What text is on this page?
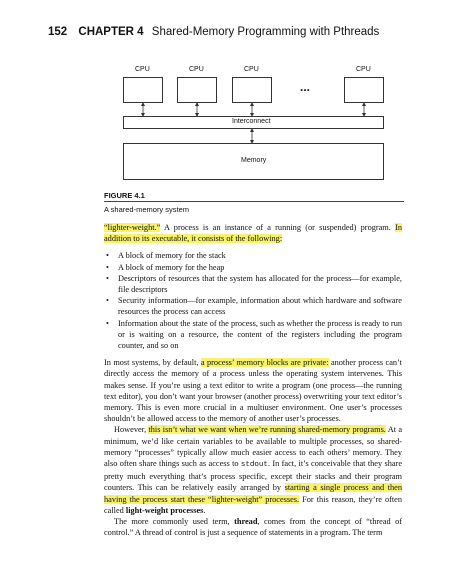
152 CHAPTER 4 Shared-Memory Programming with Pthreads
CPU	CPU	CPU	CPU
...
Interconnect
Memory
FIGURE 4.1
A shared-memory system

“lighter-weight.” A process is an instance of a running (or suspended) program. In addition to its executable, it consists of the following:

• A block of memory for the stack
• A block of memory for the heap
• Descriptors of resources that the system has allocated for the process—for example, file descriptors
• Security information—for example, information about which hardware and software resources the process can access
• Information about the state of the process, such as whether the process is ready to run or is waiting on a resource, the content of the registers including the program counter, and so on

In most systems, by default, a process’ memory blocks are private: another process can’t directly access the memory of a process unless the operating system intervenes. This makes sense. If you’re using a text editor to write a program (one process—the running text editor), you don’t want your browser (another process) overwriting your text editor’s memory. This is even more crucial in a multiuser environment. One user’s processes shouldn’t be allowed access to the memory of another user’s processes.

However, this isn’t what we want when we’re running shared-memory programs. At a minimum, we’d like certain variables to be available to multiple processes, so shared-memory “processes” typically allow much easier access to each others’ memory. They also often share things such as access to stdout. In fact, it’s conceivable that they share pretty much everything that’s process specific, except their stacks and their program counters. This can be relatively easily arranged by starting a single process and then having the process start these “lighter-weight” processes. For this reason, they’re often called light-weight processes.

The more commonly used term, thread, comes from the concept of “thread of control.” A thread of control is just a sequence of statements in a program. The term
